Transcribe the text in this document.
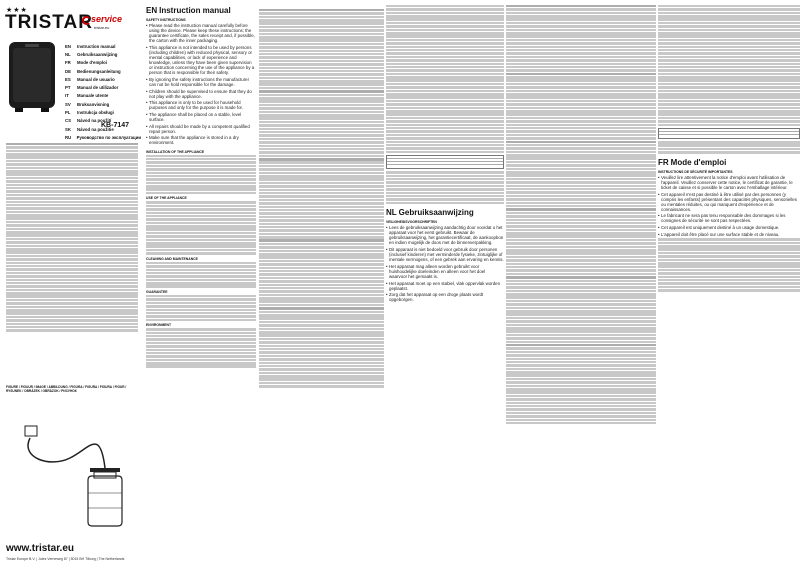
★★★
TRISTAR
service
tristar.eu
EN	Instruction manual
NL	Gebruiksaanwijzing
FR	Mode d'emploi
DE	Bedienungsanleitung
ES	Manual de usuario
PT	Manual de utilizador
IT	Manuale utente
SV	Bruksanvisning
PL	Instrukcja obsługi
CS	Návod na použití
SK	Návod na použitie
RU	Руководство по эксплуатации
KB-7147
FIGURE / FIGUUR / IMAGE / ABBILDUNG / FIGURA / FIGURA / FIGURA / FIGUR / RYSUNEK / OBRÁZEK / OBRÁZOK / РИСУНОК
www.tristar.eu
Tristar Europe B.V. | Jules Verneweg 87 | 5015 BH Tilburg | The Netherlands
EN Instruction manual
SAFETY INSTRUCTIONS
• Please read the instruction manual carefully before using the device. Please keep these instructions; the guarantee certificate, the sales receipt and, if possible, the carton with the inner packaging.
• This appliance is not intended to be used by persons (including children) with reduced physical, sensory or mental capabilities, or lack of experience and knowledge, unless they have been given supervision or instruction concerning the use of the appliance by a person that is responsible for their safety.
• By ignoring the safety instructions the manufacturer can not be hold responsible for the damage.
• Children should be supervised to ensure that they do not play with the appliance.
• This appliance is only to be used for household purposes and only for the purpose it is made for.
• The appliance shall be placed on a stable, level surface.
• All repairs should be made by a competent qualified repair person.
• Make sure that the appliance is stored in a dry environment.
INSTALLATION OF THE APPLIANCE
USE OF THE APPLIANCE
CLEANING AND MAINTENANCE
GUARANTEE
ENVIRONMENT
NL Gebruiksaanwijzing
VEILIGHEIDSVOORSCHRIFTEN
• Lees de gebruiksaanwijzing aandachtig door voordat u het apparaat voor het eerst gebruikt. Bewaar de gebruiksaanwijzing, het garantiecertificaat, de aankoopbon en indien mogelijk de doos met de binnenverpakking.
• Dit apparaat is niet bedoeld voor gebruik door personen (inclusief kinderen) met verminderde fysieke, zintuiglijke of mentale vermogens, of een gebrek aan ervaring en kennis.
• Het apparaat mag alleen worden gebruikt voor huishoudelijke doeleinden en alleen voor het doel waarvoor het gemaakt is.
• Het apparaat moet op een stabiel, vlak oppervlak worden geplaatst.
• Zorg dat het apparaat op een droge plaats wordt opgeborgen.
FR Mode d'emploi
INSTRUCTIONS DE SÉCURITÉ IMPORTANTES
• Veuillez lire attentivement la notice d'emploi avant l'utilisation de l'appareil. Veuillez conserver cette notice, le certificat de garantie, le ticket de caisse et si possible le carton avec l'emballage intérieur.
• Cet appareil n'est pas destiné à être utilisé par des personnes (y compris les enfants) présentant des capacités physiques, sensorielles ou mentales réduites, ou qui manquent d'expérience et de connaissances.
• Le fabricant ne sera pas tenu responsable des dommages si les consignes de sécurité ne sont pas respectées.
• Cet appareil est uniquement destiné à un usage domestique.
• L'appareil doit être placé sur une surface stable et de niveau.
